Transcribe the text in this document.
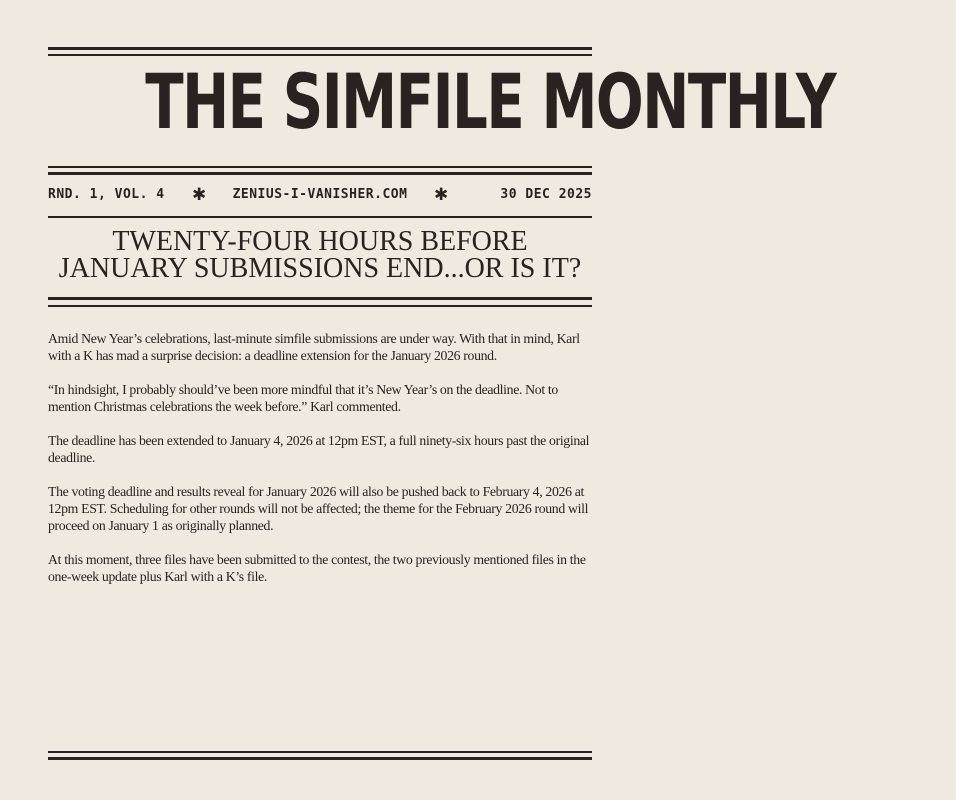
THE SIMFILE MONTHLY
RND. 1, VOL. 4 ✱	ZENIUS-I-VANISHER.COM	✱	30 DEC 2025
TWENTY-FOUR HOURS BEFORE
JANUARY SUBMISSIONS END...OR IS IT?

Amid New Year’s celebrations, last-minute simfile submissions are under way. With that in mind, Karl with a K has mad a surprise decision: a deadline extension for the January 2026 round.

“In hindsight, I probably should’ve been more mindful that it’s New Year’s on the deadline. Not to mention Christmas celebrations the week before.” Karl commented.

The deadline has been extended to January 4, 2026 at 12pm EST, a full ninety-six hours past the original deadline.

The voting deadline and results reveal for January 2026 will also be pushed back to February 4, 2026 at 12pm EST. Scheduling for other rounds will not be affected; the theme for the February 2026 round will proceed on January 1 as originally planned.

At this moment, three files have been submitted to the contest, the two previously mentioned files in the one-week update plus Karl with a K’s file.
